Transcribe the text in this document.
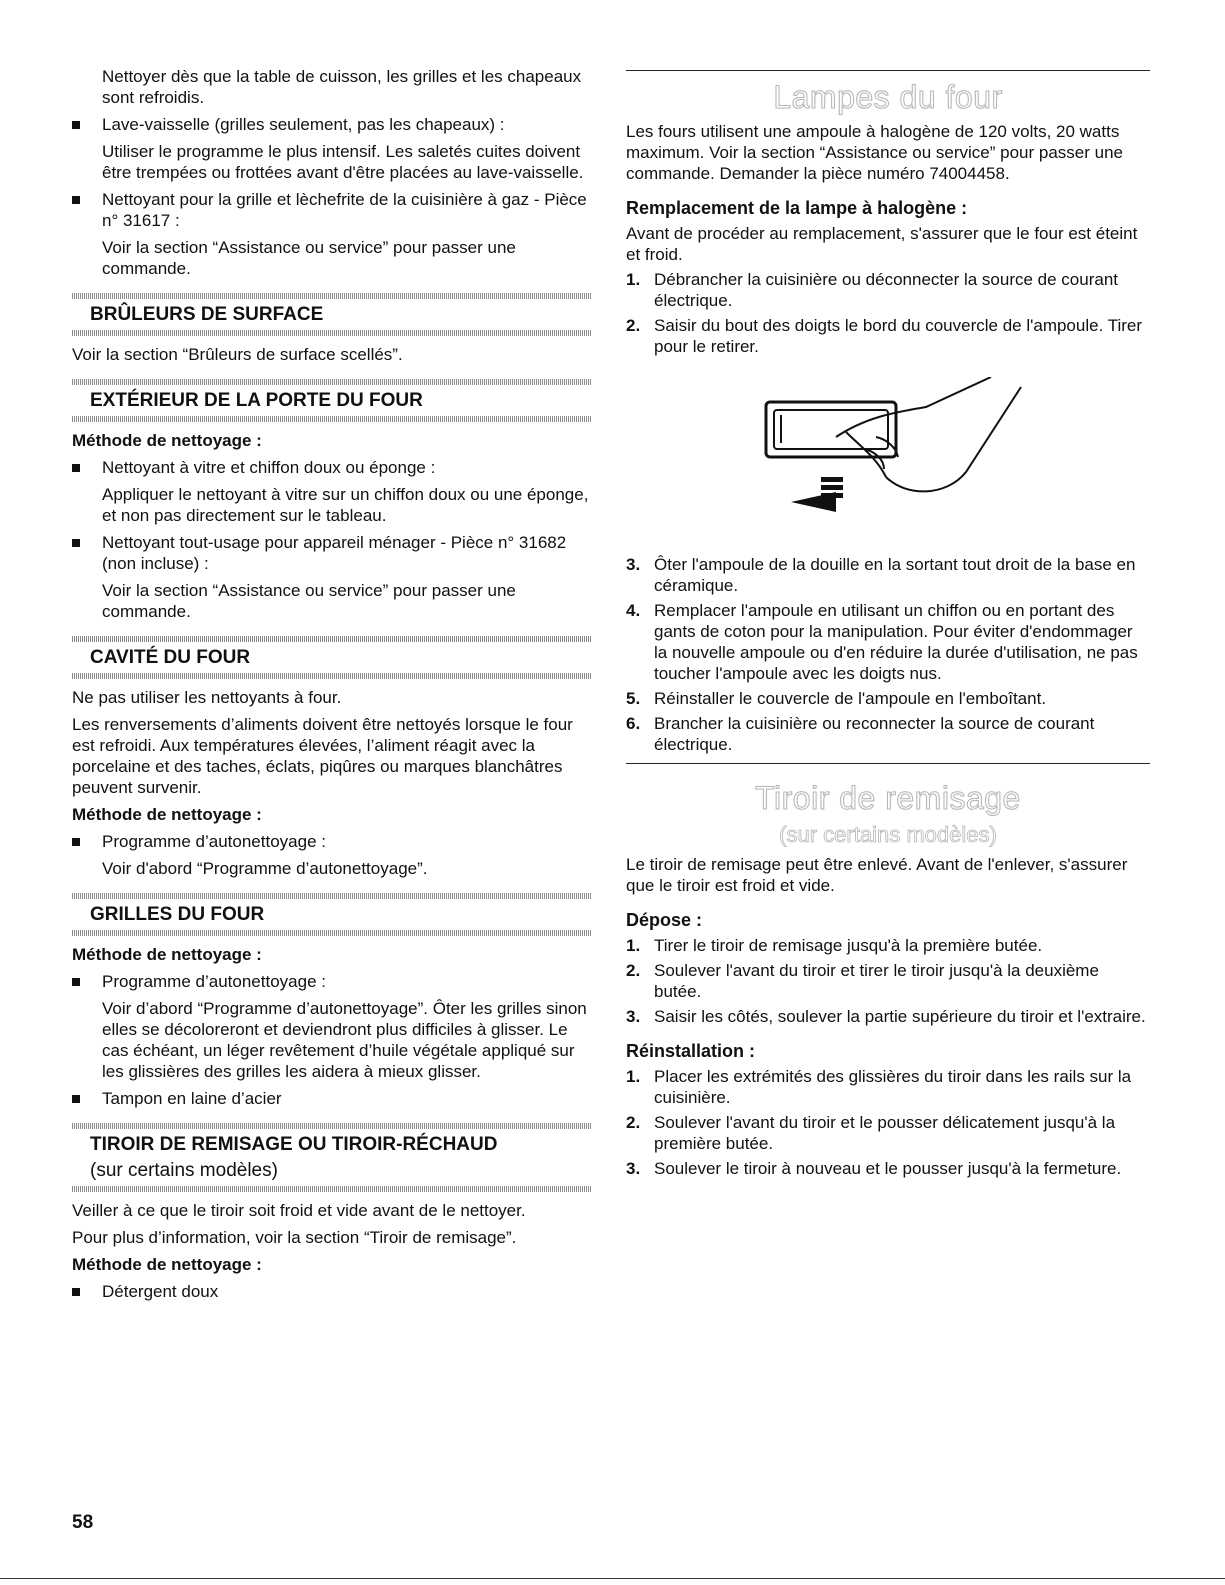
Nettoyer dès que la table de cuisson, les grilles et les chapeaux sont refroidis.

Lave-vaisselle (grilles seulement, pas les chapeaux) :

Utiliser le programme le plus intensif. Les saletés cuites doivent être trempées ou frottées avant d'être placées au lave-vaisselle.

Nettoyant pour la grille et lèchefrite de la cuisinière à gaz - Pièce n° 31617 :

Voir la section “Assistance ou service” pour passer une commande.

BRÛLEURS DE SURFACE

Voir la section “Brûleurs de surface scellés”.

EXTÉRIEUR DE LA PORTE DU FOUR

Méthode de nettoyage :

Nettoyant à vitre et chiffon doux ou éponge :

Appliquer le nettoyant à vitre sur un chiffon doux ou une éponge, et non pas directement sur le tableau.

Nettoyant tout-usage pour appareil ménager - Pièce n° 31682 (non incluse) :

Voir la section “Assistance ou service” pour passer une commande.

CAVITÉ DU FOUR

Ne pas utiliser les nettoyants à four.

Les renversements d’aliments doivent être nettoyés lorsque le four est refroidi. Aux températures élevées, l’aliment réagit avec la porcelaine et des taches, éclats, piqûres ou marques blanchâtres peuvent survenir.

Méthode de nettoyage :

Programme d’autonettoyage :

Voir d'abord “Programme d’autonettoyage”.

GRILLES DU FOUR

Méthode de nettoyage :

Programme d’autonettoyage :

Voir d’abord “Programme d’autonettoyage”. Ôter les grilles sinon elles se décoloreront et deviendront plus difficiles à glisser. Le cas échéant, un léger revêtement d’huile végétale appliqué sur les glissières des grilles les aidera à mieux glisser.

Tampon en laine d’acier

TIROIR DE REMISAGE OU TIROIR-RÉCHAUD
(sur certains modèles)

Veiller à ce que le tiroir soit froid et vide avant de le nettoyer.

Pour plus d’information, voir la section “Tiroir de remisage”.

Méthode de nettoyage :

Détergent doux

Lampes du four

Les fours utilisent une ampoule à halogène de 120 volts, 20 watts maximum. Voir la section “Assistance ou service” pour passer une commande. Demander la pièce numéro 74004458.

Remplacement de la lampe à halogène :

Avant de procéder au remplacement, s'assurer que le four est éteint et froid.

1. Débrancher la cuisinière ou déconnecter la source de courant électrique.
2. Saisir du bout des doigts le bord du couvercle de l'ampoule. Tirer pour le retirer.
3. Ôter l'ampoule de la douille en la sortant tout droit de la base en céramique.
4. Remplacer l'ampoule en utilisant un chiffon ou en portant des gants de coton pour la manipulation. Pour éviter d'endommager la nouvelle ampoule ou d'en réduire la durée d'utilisation, ne pas toucher l'ampoule avec les doigts nus.
5. Réinstaller le couvercle de l'ampoule en l'emboîtant.
6. Brancher la cuisinière ou reconnecter la source de courant électrique.
Tiroir de remisage
(sur certains modèles)

Le tiroir de remisage peut être enlevé. Avant de l'enlever, s'assurer que le tiroir est froid et vide.

Dépose :
1. Tirer le tiroir de remisage jusqu'à la première butée.
2. Soulever l'avant du tiroir et tirer le tiroir jusqu'à la deuxième butée.
3. Saisir les côtés, soulever la partie supérieure du tiroir et l'extraire.
Réinstallation :
1. Placer les extrémités des glissières du tiroir dans les rails sur la cuisinière.
2. Soulever l'avant du tiroir et le pousser délicatement jusqu'à la première butée.
3. Soulever le tiroir à nouveau et le pousser jusqu'à la fermeture.
58
